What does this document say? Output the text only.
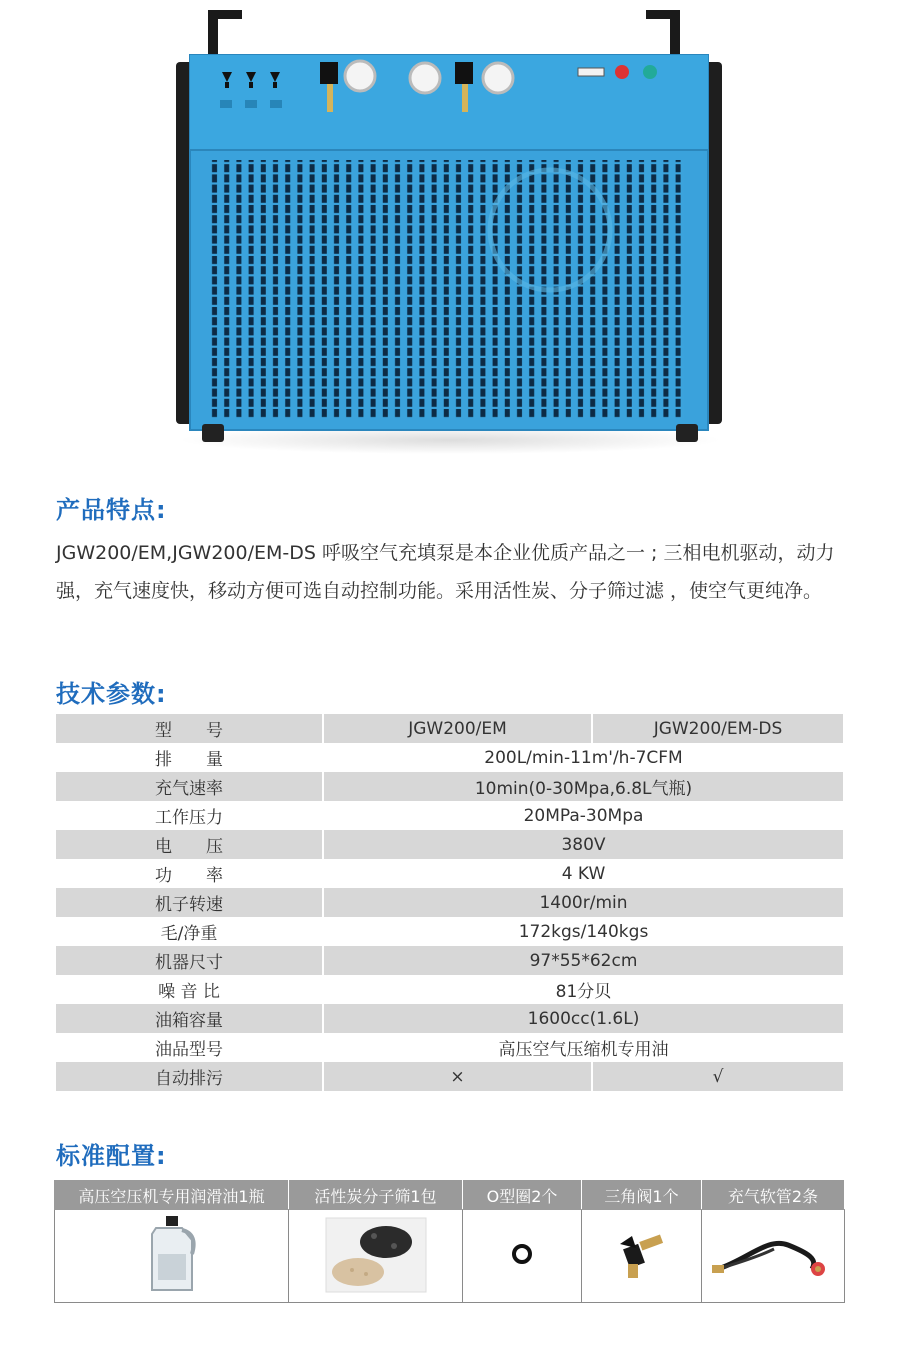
产品特点:
JGW200/EM,JGW200/EM-DS 呼吸空气充填泵是本企业优质产品之一 ; 三相电机驱动，动力强，充气速度快，移动方便可选自动控制功能。采用活性炭、分子筛过滤 ，使空气更纯净。
技术参数:
型　　号	JGW200/EM	JGW200/EM-DS
排　　量	200L/min-11m'/h-7CFM	
充气速率	10min(0-30Mpa,6.8L气瓶)	
工作压力	20MPa-30Mpa	
电　　压	380V	
功　　率	4 KW	
机子转速	1400r/min	
毛/净重	172kgs/140kgs	
机器尺寸	97*55*62cm	
噪 音 比	81分贝	
油箱容量	1600cc(1.6L)	
油品型号	高压空气压缩机专用油	
自动排污	×	√
标准配置:
高压空压机专用润滑油1瓶	活性炭分子筛1包	O型圈2个	三角阀1个	充气软管2条
